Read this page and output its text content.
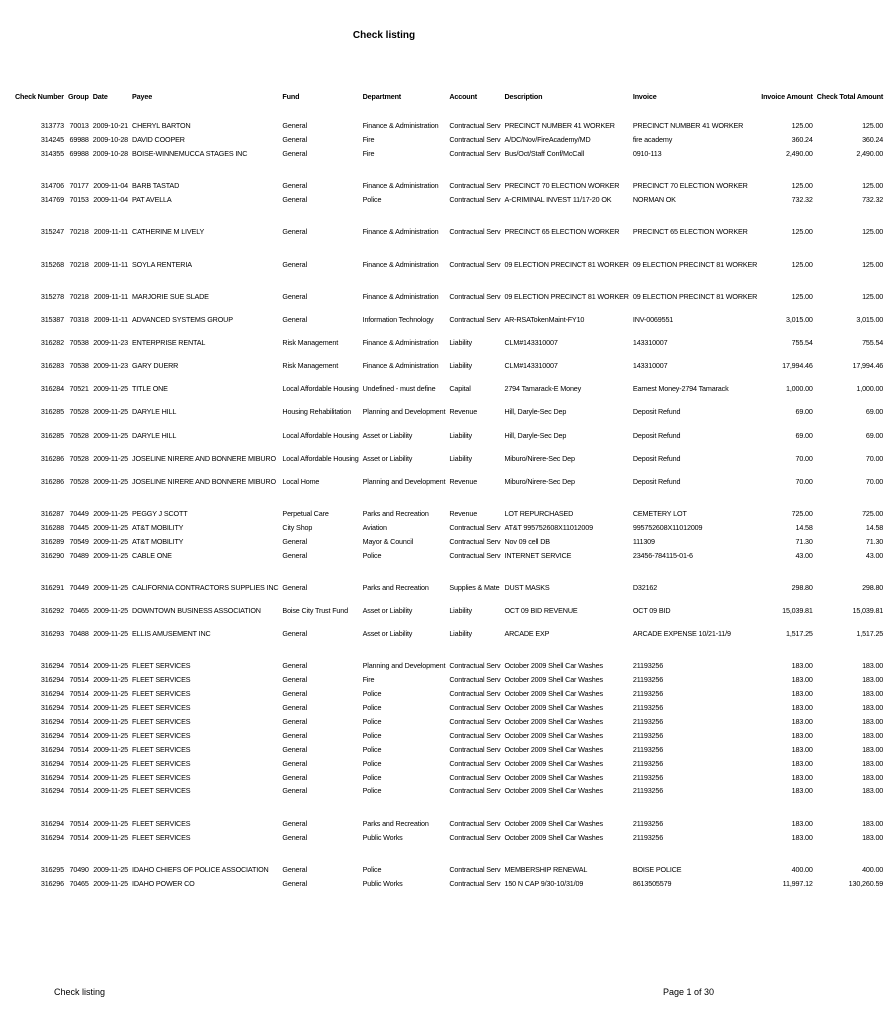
Check listing
Check Number	Group	Date	Payee	Fund	Department	Account	Description	Invoice	Invoice Amount	Check Total Amount
313773	70013	2009-10-21	CHERYL BARTON	General	Finance & Administration	Contractual Serv	PRECINCT NUMBER 41 WORKER	PRECINCT NUMBER 41 WORKER	125.00	125.00
314245	69988	2009-10-28	DAVID COOPER	General	Fire	Contractual Serv	A/DC/Nov/FireAcademy/MD	fire academy	360.24	360.24
314355	69988	2009-10-28	BOISE-WINNEMUCCA STAGES INC	General	Fire	Contractual Serv	Bus/Oct/Staff Conf/McCall	0910-113	2,490.00	2,490.00
314706	70177	2009-11-04	BARB TASTAD	General	Finance & Administration	Contractual Serv	PRECINCT 70 ELECTION WORKER	PRECINCT 70 ELECTION WORKER	125.00	125.00
314769	70153	2009-11-04	PAT AVELLA	General	Police	Contractual Serv	A-CRIMINAL INVEST 11/17-20 OK	NORMAN OK	732.32	732.32
315247	70218	2009-11-11	CATHERINE M LIVELY	General	Finance & Administration	Contractual Serv	PRECINCT 65 ELECTION WORKER	PRECINCT 65 ELECTION WORKER	125.00	125.00
315268	70218	2009-11-11	SOYLA RENTERIA	General	Finance & Administration	Contractual Serv	09 ELECTION PRECINCT 81 WORKER	09 ELECTION PRECINCT 81 WORKER	125.00	125.00
315278	70218	2009-11-11	MARJORIE SUE SLADE	General	Finance & Administration	Contractual Serv	09 ELECTION PRECINCT 81 WORKER	09 ELECTION PRECINCT 81 WORKER	125.00	125.00
315387	70318	2009-11-11	ADVANCED SYSTEMS GROUP	General	Information Technology	Contractual Serv	AR-RSATokenMaint-FY10	INV-0069551	3,015.00	3,015.00
316282	70538	2009-11-23	ENTERPRISE RENTAL	Risk Management	Finance & Administration	Liability	CLM#143310007	143310007	755.54	755.54
316283	70538	2009-11-23	GARY DUERR	Risk Management	Finance & Administration	Liability	CLM#143310007	143310007	17,994.46	17,994.46
316284	70521	2009-11-25	TITLE ONE	Local Affordable Housing	Undefined - must define	Capital	2794 Tamarack-E Money	Earnest Money-2794 Tamarack	1,000.00	1,000.00
316285	70528	2009-11-25	DARYLE HILL	Housing Rehabilitation	Planning and Development	Revenue	Hill, Daryle-Sec Dep	Deposit Refund	69.00	69.00
316285	70528	2009-11-25	DARYLE HILL	Local Affordable Housing	Asset or Liability	Liability	Hill, Daryle-Sec Dep	Deposit Refund	69.00	69.00
316286	70528	2009-11-25	JOSELINE NIRERE AND BONNERE MIBURO	Local Affordable Housing	Asset or Liability	Liability	Miburo/Nirere-Sec Dep	Deposit Refund	70.00	70.00
316286	70528	2009-11-25	JOSELINE NIRERE AND BONNERE MIBURO	Local Home	Planning and Development	Revenue	Miburo/Nirere-Sec Dep	Deposit Refund	70.00	70.00
316287	70449	2009-11-25	PEGGY J SCOTT	Perpetual Care	Parks and Recreation	Revenue	LOT REPURCHASED	CEMETERY LOT	725.00	725.00
316288	70445	2009-11-25	AT&T MOBILITY	City Shop	Aviation	Contractual Serv	AT&T 995752608X11012009	995752608X11012009	14.58	14.58
316289	70549	2009-11-25	AT&T MOBILITY	General	Mayor & Council	Contractual Serv	Nov 09 cell DB	111309	71.30	71.30
316290	70489	2009-11-25	CABLE ONE	General	Police	Contractual Serv	INTERNET SERVICE	23456-784115-01-6	43.00	43.00
316291	70449	2009-11-25	CALIFORNIA CONTRACTORS SUPPLIES INC	General	Parks and Recreation	Supplies & Mate	DUST MASKS	D32162	298.80	298.80
316292	70465	2009-11-25	DOWNTOWN BUSINESS ASSOCIATION	Boise City Trust Fund	Asset or Liability	Liability	OCT 09 BID REVENUE	OCT 09 BID	15,039.81	15,039.81
316293	70488	2009-11-25	ELLIS AMUSEMENT INC	General	Asset or Liability	Liability	ARCADE EXP	ARCADE EXPENSE 10/21-11/9	1,517.25	1,517.25
316294	70514	2009-11-25	FLEET SERVICES	General	Planning and Development	Contractual Serv	October 2009 Shell Car Washes	21193256	183.00	183.00
316294	70514	2009-11-25	FLEET SERVICES	General	Fire	Contractual Serv	October 2009 Shell Car Washes	21193256	183.00	183.00
316294	70514	2009-11-25	FLEET SERVICES	General	Police	Contractual Serv	October 2009 Shell Car Washes	21193256	183.00	183.00
316294	70514	2009-11-25	FLEET SERVICES	General	Police	Contractual Serv	October 2009 Shell Car Washes	21193256	183.00	183.00
316294	70514	2009-11-25	FLEET SERVICES	General	Police	Contractual Serv	October 2009 Shell Car Washes	21193256	183.00	183.00
316294	70514	2009-11-25	FLEET SERVICES	General	Police	Contractual Serv	October 2009 Shell Car Washes	21193256	183.00	183.00
316294	70514	2009-11-25	FLEET SERVICES	General	Police	Contractual Serv	October 2009 Shell Car Washes	21193256	183.00	183.00
316294	70514	2009-11-25	FLEET SERVICES	General	Police	Contractual Serv	October 2009 Shell Car Washes	21193256	183.00	183.00
316294	70514	2009-11-25	FLEET SERVICES	General	Police	Contractual Serv	October 2009 Shell Car Washes	21193256	183.00	183.00
316294	70514	2009-11-25	FLEET SERVICES	General	Police	Contractual Serv	October 2009 Shell Car Washes	21193256	183.00	183.00
316294	70514	2009-11-25	FLEET SERVICES	General	Parks and Recreation	Contractual Serv	October 2009 Shell Car Washes	21193256	183.00	183.00
316294	70514	2009-11-25	FLEET SERVICES	General	Public Works	Contractual Serv	October 2009 Shell Car Washes	21193256	183.00	183.00
316295	70490	2009-11-25	IDAHO CHIEFS OF POLICE ASSOCIATION	General	Police	Contractual Serv	MEMBERSHIP RENEWAL	BOISE POLICE	400.00	400.00
316296	70465	2009-11-25	IDAHO POWER CO	General	Public Works	Contractual Serv	150 N CAP 9/30-10/31/09	8613505579	11,997.12	130,260.59
Check listing	Page 1 of 30
